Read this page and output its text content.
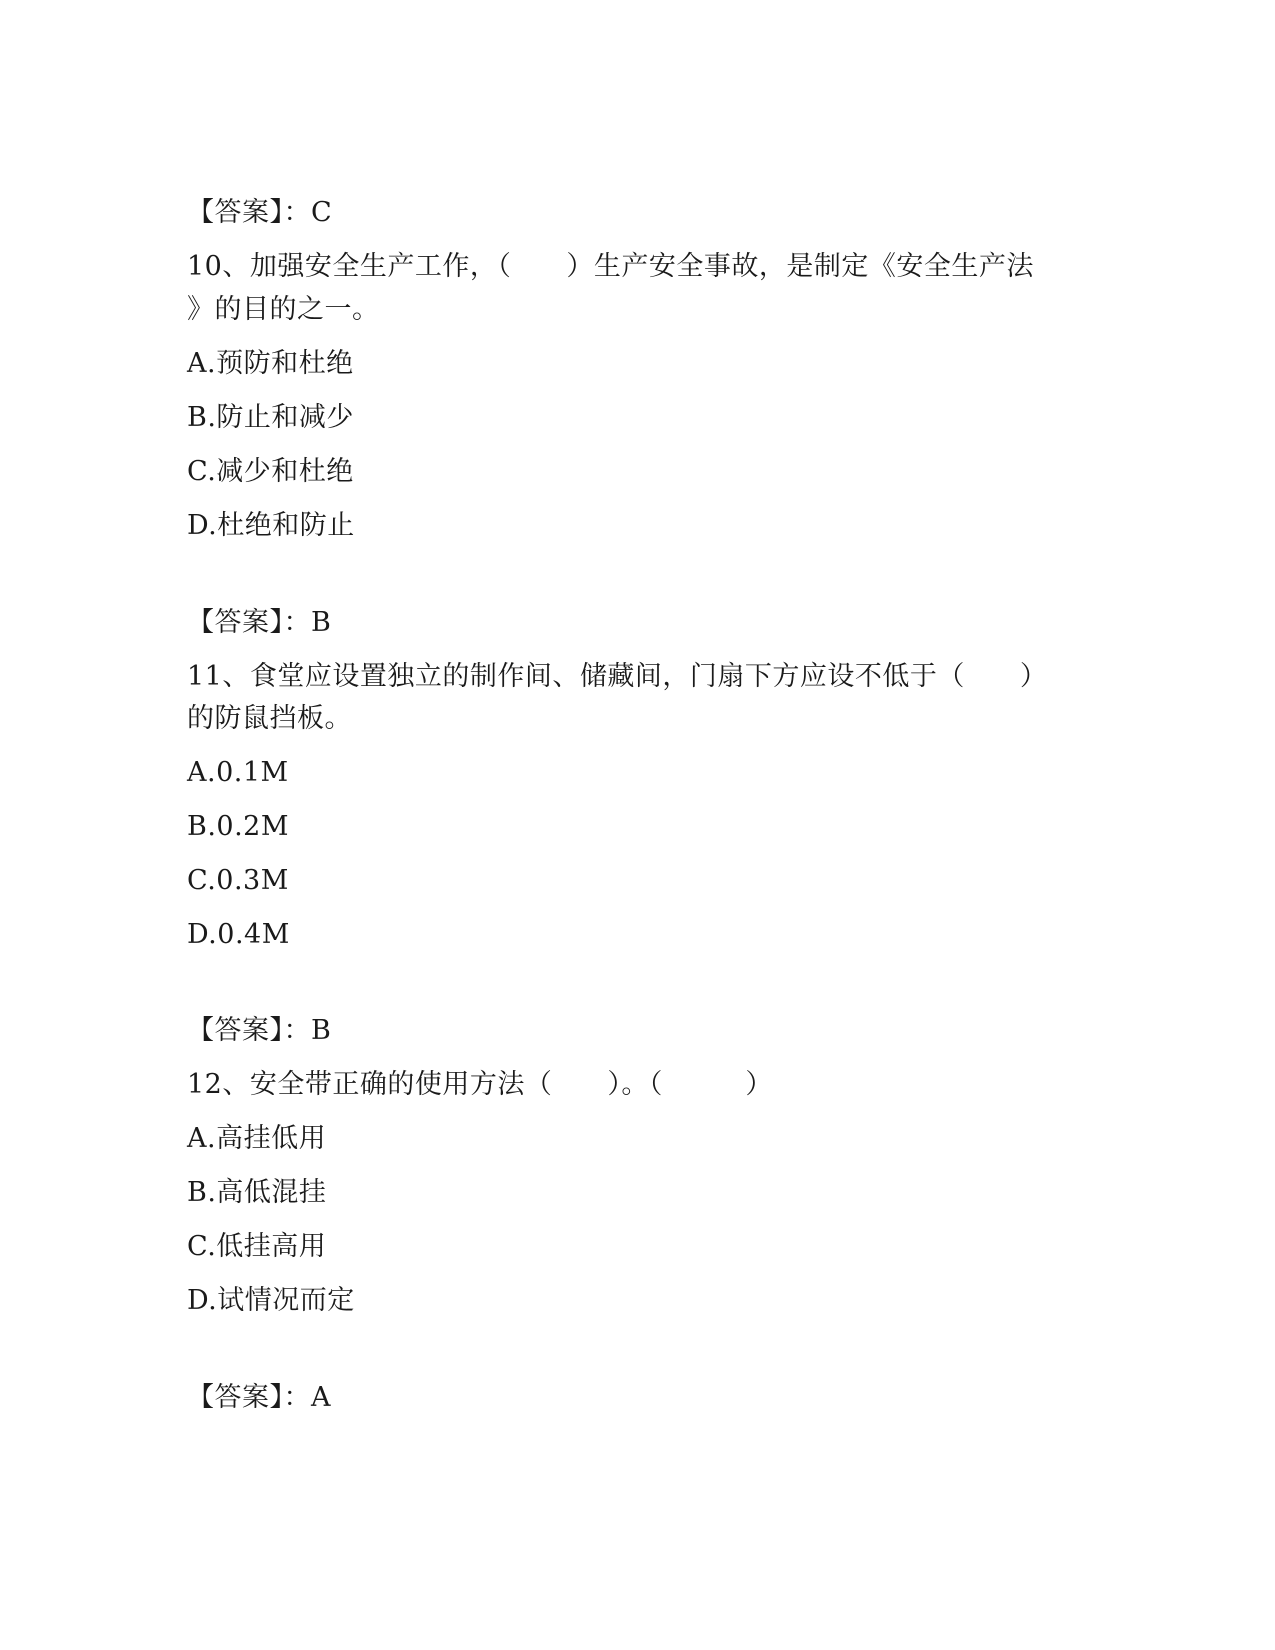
【答案】：C
10、加强安全生产工作，（　　）生产安全事故，是制定《安全生产法
》的目的之一。
A.预防和杜绝
B.防止和减少
C.减少和杜绝
D.杜绝和防止
【答案】：B
11、食堂应设置独立的制作间、储藏间，门扇下方应设不低于（　　）
的防鼠挡板。
A.0.1M
B.0.2M
C.0.3M
D.0.4M
【答案】：B
12、安全带正确的使用方法（　　）。（　　　）
A.高挂低用
B.高低混挂
C.低挂高用
D.试情况而定
【答案】：A
